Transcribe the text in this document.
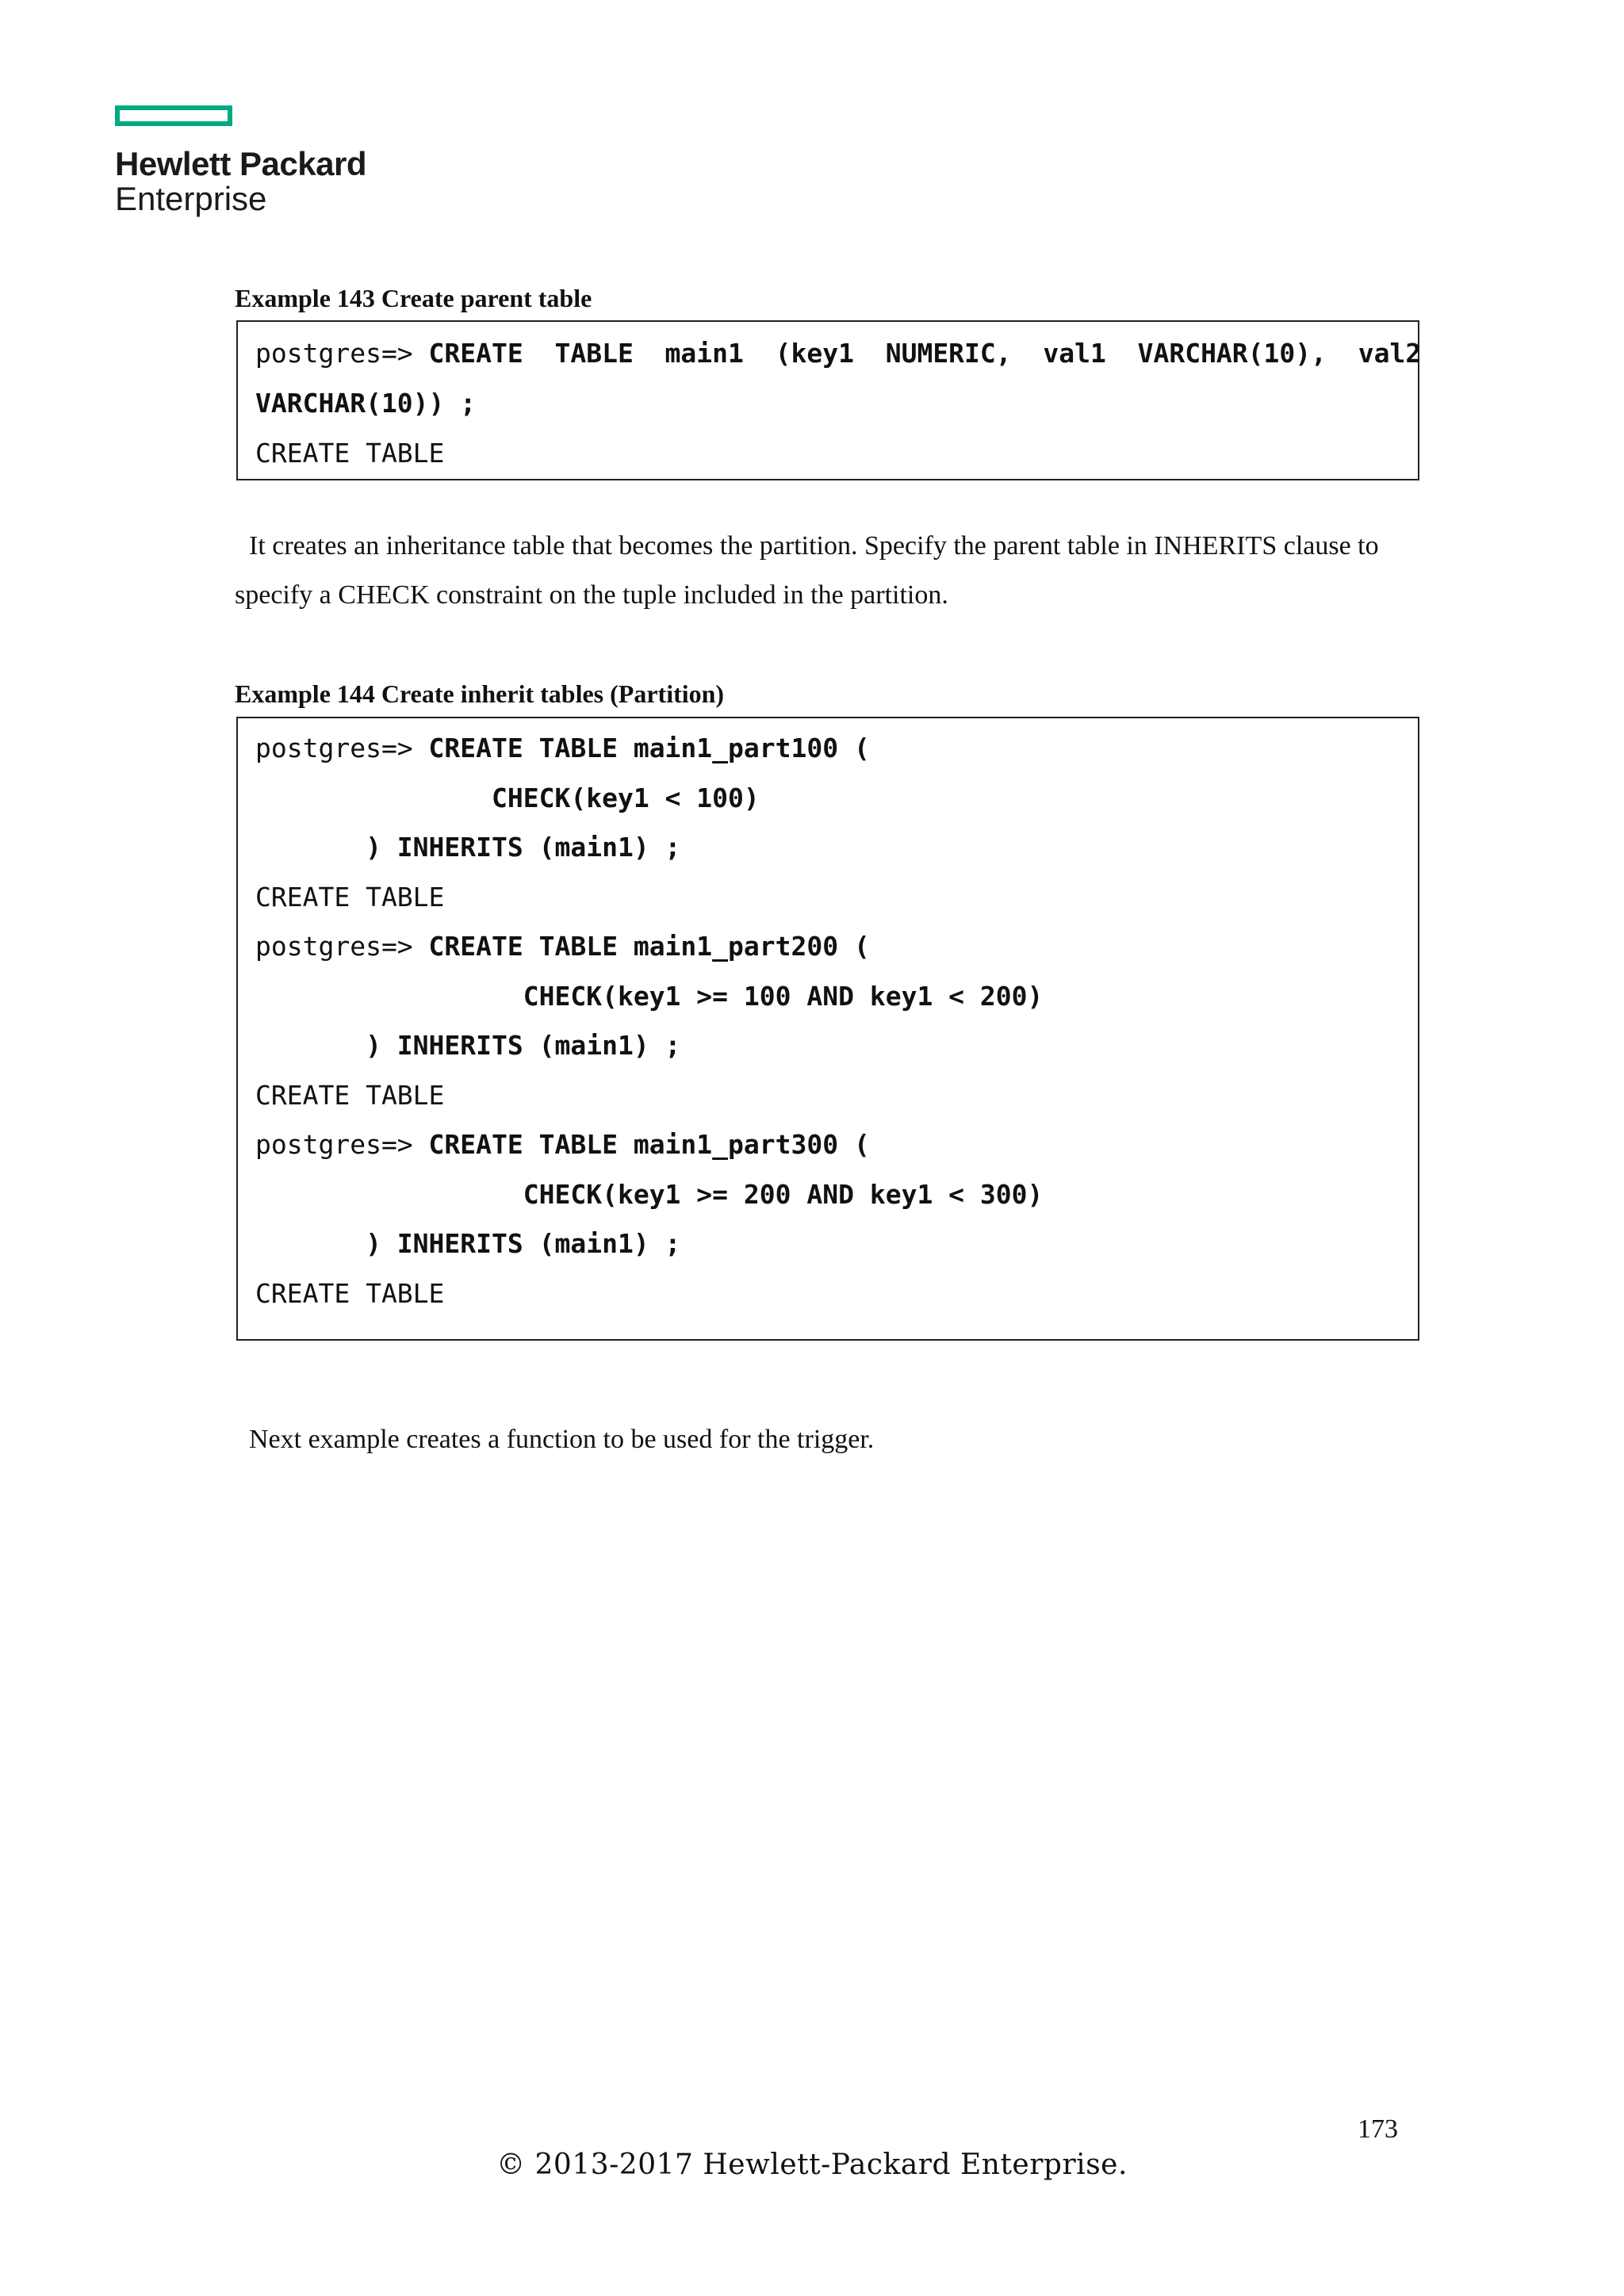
Hewlett Packard
Enterprise
Example 143 Create parent table
postgres=> CREATE  TABLE  main1  (key1  NUMERIC,  val1  VARCHAR(10),  val2
VARCHAR(10)) ;
CREATE TABLE
It creates an inheritance table that becomes the partition. Specify the parent table in INHERITS clause to specify a CHECK constraint on the tuple included in the partition.
Example 144 Create inherit tables (Partition)
postgres=> CREATE TABLE main1_part100 (
CHECK(key1 < 100)
) INHERITS (main1) ;
CREATE TABLE
postgres=> CREATE TABLE main1_part200 (
CHECK(key1 >= 100 AND key1 < 200)
) INHERITS (main1) ;
CREATE TABLE
postgres=> CREATE TABLE main1_part300 (
CHECK(key1 >= 200 AND key1 < 300)
) INHERITS (main1) ;
CREATE TABLE
Next example creates a function to be used for the trigger.
173
© 2013-2017 Hewlett-Packard Enterprise.
